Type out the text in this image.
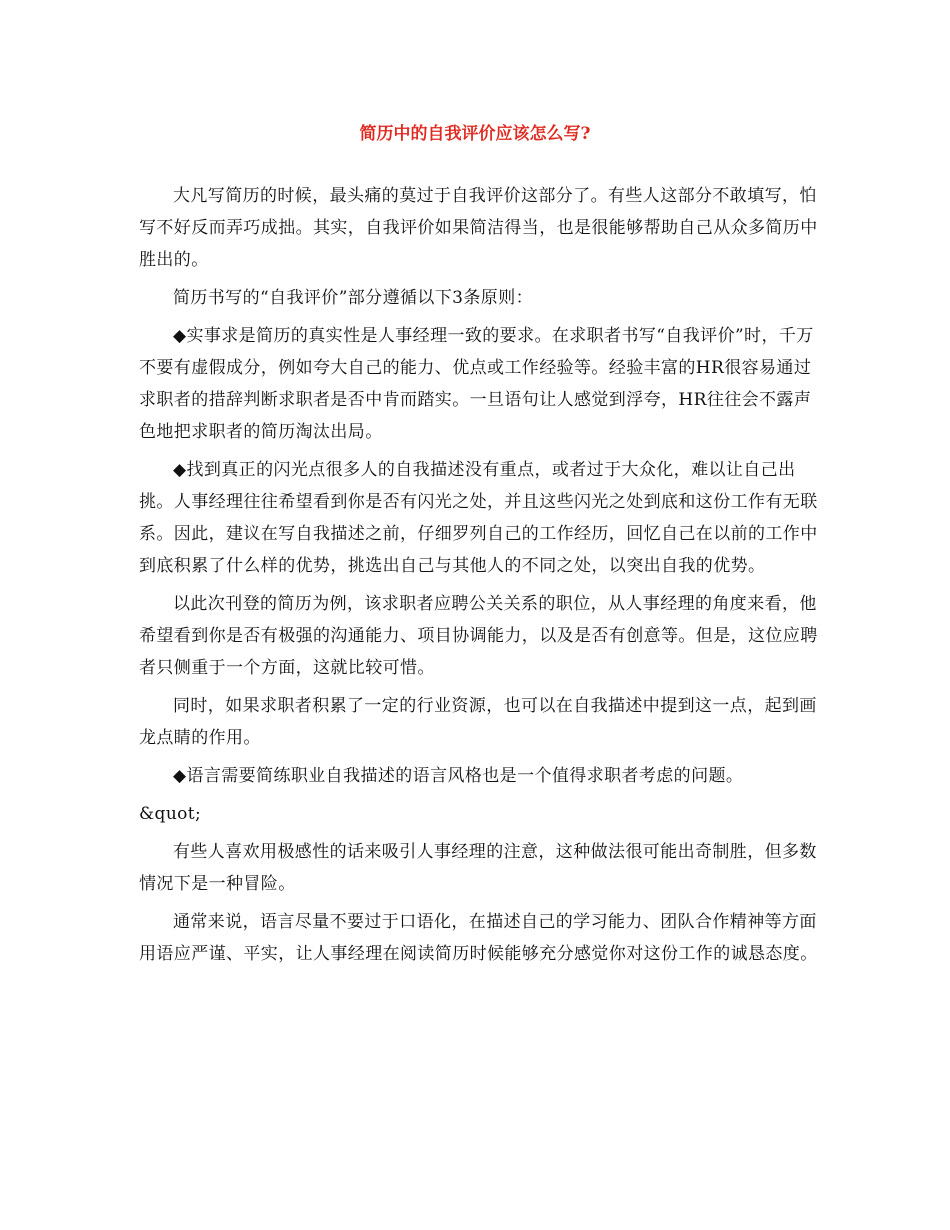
简历中的自我评价应该怎么写?

大凡写简历的时候，最头痛的莫过于自我评价这部分了。有些人这部分不敢填写，怕写不好反而弄巧成拙。其实，自我评价如果简洁得当，也是很能够帮助自己从众多简历中胜出的。

简历书写的“自我评价”部分遵循以下3条原则：

◆实事求是简历的真实性是人事经理一致的要求。在求职者书写“自我评价”时，千万不要有虚假成分，例如夸大自己的能力、优点或工作经验等。经验丰富的HR很容易通过求职者的措辞判断求职者是否中肯而踏实。一旦语句让人感觉到浮夸，HR往往会不露声色地把求职者的简历淘汰出局。

◆找到真正的闪光点很多人的自我描述没有重点，或者过于大众化，难以让自己出挑。人事经理往往希望看到你是否有闪光之处，并且这些闪光之处到底和这份工作有无联系。因此，建议在写自我描述之前，仔细罗列自己的工作经历，回忆自己在以前的工作中到底积累了什么样的优势，挑选出自己与其他人的不同之处，以突出自我的优势。

以此次刊登的简历为例，该求职者应聘公关关系的职位，从人事经理的角度来看，他希望看到你是否有极强的沟通能力、项目协调能力，以及是否有创意等。但是，这位应聘者只侧重于一个方面，这就比较可惜。

同时，如果求职者积累了一定的行业资源，也可以在自我描述中提到这一点，起到画龙点睛的作用。

◆语言需要简练职业自我描述的语言风格也是一个值得求职者考虑的问题。

&quot;

有些人喜欢用极感性的话来吸引人事经理的注意，这种做法很可能出奇制胜，但多数情况下是一种冒险。

通常来说，语言尽量不要过于口语化，在描述自己的学习能力、团队合作精神等方面用语应严谨、平实，让人事经理在阅读简历时候能够充分感觉你对这份工作的诚恳态度。
